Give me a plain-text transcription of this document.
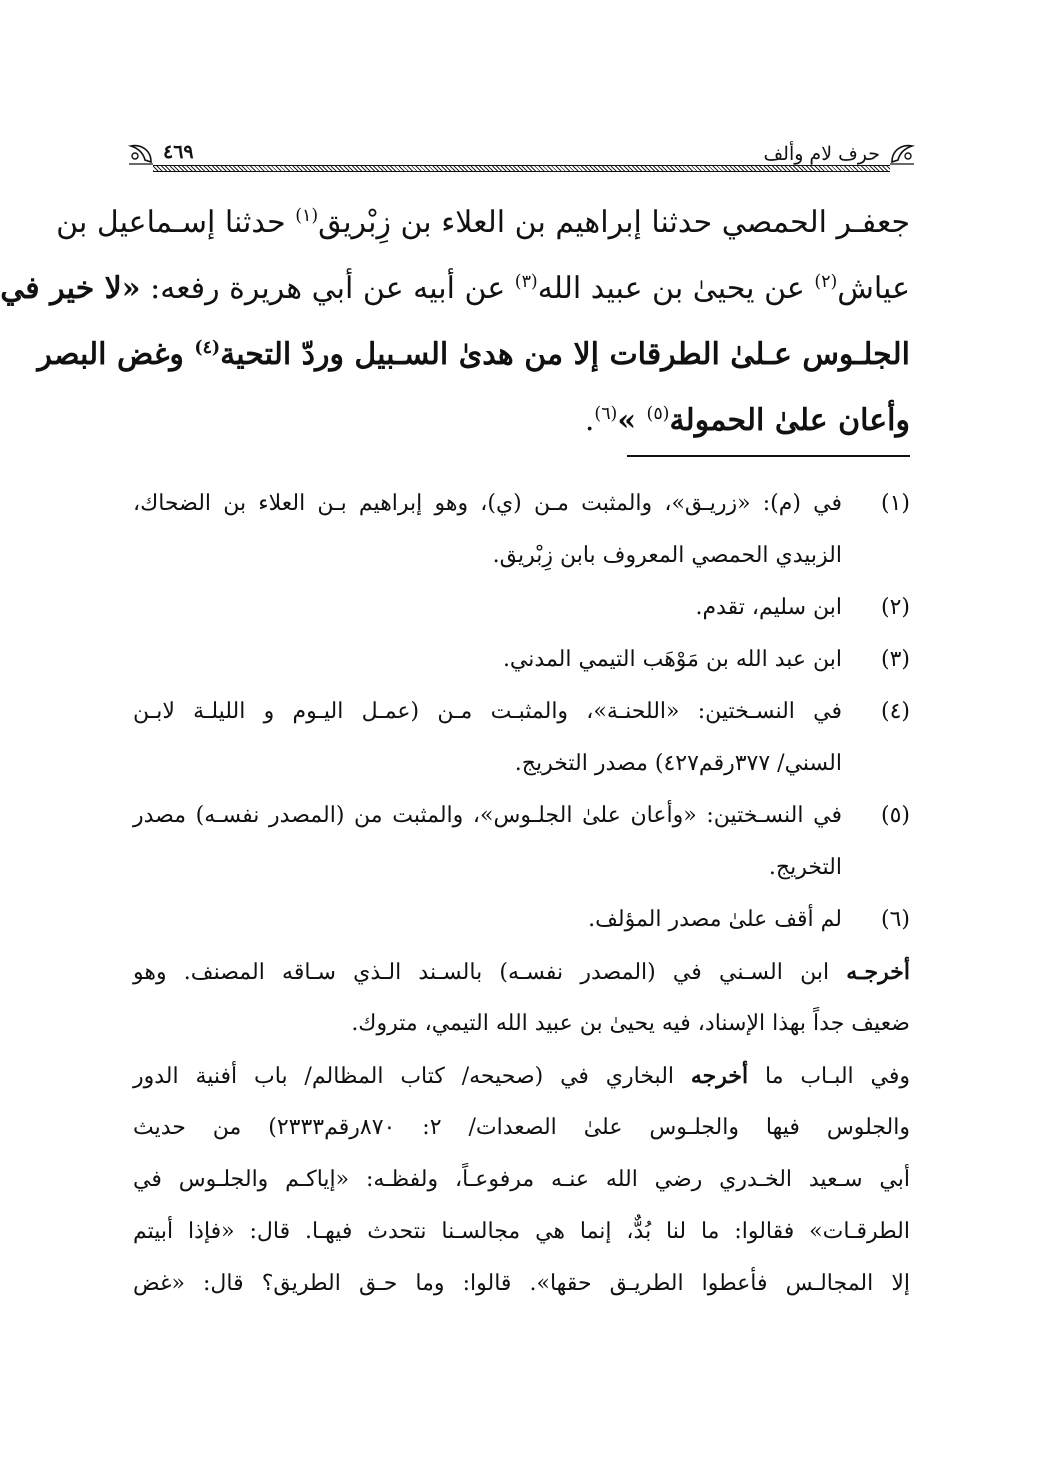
حرف لام وألف
٤٦٩
جعفـر الحمصي حدثنا إبراهيم بن العلاء بن زِبْريق$^{(١)}$ حدثنا إسـماعيل بن
عياش$^{(٢)}$ عن يحيىٰ بن عبيد الله$^{(٣)}$ عن أبيه عن أبي هريرة رفعه: «لا خير في
الجلـوس عـلىٰ الطرقات إلا من هدىٰ السـبيل وردّ التحية$^{(٤)}$ وغض البصر
وأعان علىٰ الحمولة$^{(٥)}$ »$^{(٦)}$.
(١)
في (م): «زريـق»، والمثبت مـن (ي)، وهو إبراهيم بـن العلاء بن الضحاك،
الزبيدي الحمصي المعروف بابن زِبْريق.
(٢)
ابن سليم، تقدم.
(٣)
ابن عبد الله بن مَوْهَب التيمي المدني.
(٤)
في النسـختين: «اللحنـة»، والمثبـت مـن (عمـل اليـوم و الليلـة لابـن
السني/ ٣٧٧رقم٤٢٧) مصدر التخريج.
(٥)
في النسـختين: «وأعان علىٰ الجلـوس»، والمثبت من (المصدر نفسـه) مصدر
التخريج.
(٦)
لم أقف علىٰ مصدر المؤلف.
أخرجـه ابن السـني في (المصدر نفسـه) بالسـند الـذي سـاقه المصنف. وهو
ضعيف جداً بهذا الإسناد، فيه يحيىٰ بن عبيد الله التيمي، متروك.
وفي البـاب ما أخرجه البخاري في (صحيحه/ كتاب المظالم/ باب أفنية الدور
والجلوس فيها والجلـوس علىٰ الصعدات/ ٢: ٨٧٠رقم٢٣٣٣) من حديث
أبي سـعيد الخـدري رضي الله عنـه مرفوعـاً، ولفظـه: «إياكـم والجلـوس في
الطرقـات» فقالوا: ما لنا بُدٌّ، إنما هي مجالسـنا نتحدث فيهـا. قال: «فإذا أبيتم
إلا المجالـس فأعطوا الطريـق حقها». قالوا: وما حـق الطريق؟ قال: «غض
